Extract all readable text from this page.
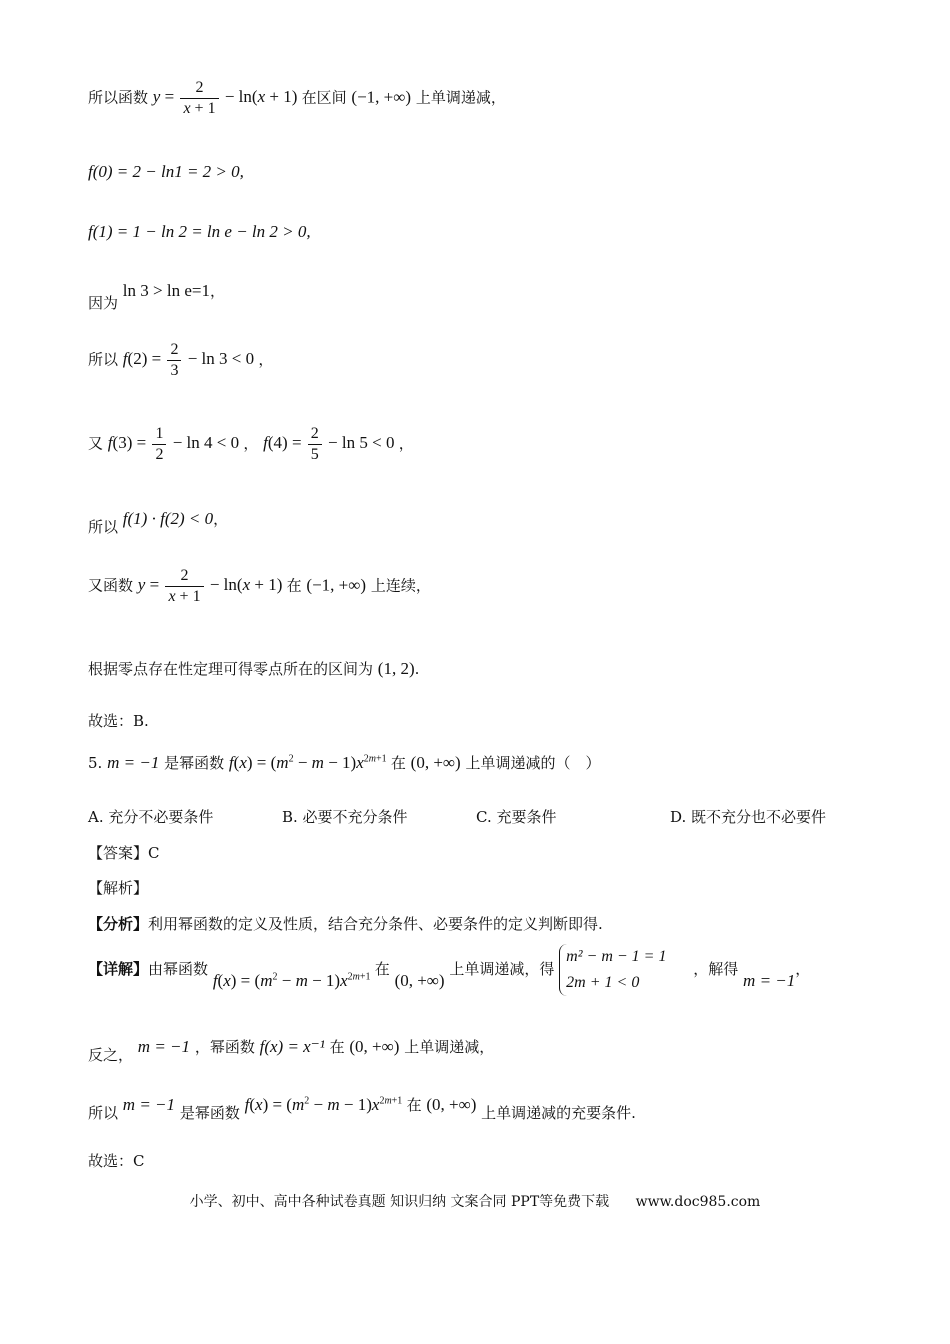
所以函数 $y = \frac{2}{x + 1} - \ln(x + 1)$ 在区间 (−1, +∞) 上单调递减，
f(0) = 2 − ln1 = 2 > 0,
f(1) = 1 − ln 2 = ln e − ln 2 > 0,
因为 ln 3 > ln e=1，
所以 $f(2) = \frac{2}{3} - \ln 3 < 0$ ，
又 $f(3) = \frac{1}{2} - \ln 4 < 0$ ， $f(4) = \frac{2}{5} - \ln 5 < 0$ ，
所以 f(1) · f(2) < 0，
又函数 $y = \frac{2}{x + 1} - \ln(x + 1)$ 在 (−1, +∞) 上连续，
根据零点存在性定理可得零点所在的区间为 (1, 2).
故选：B.
5. m = −1 是幂函数 $f(x) = (m^2 - m - 1)x^{2m+1}$ 在 (0, +∞) 上单调递减的（　）
A. 充分不必要条件	B. 必要不充分条件	C. 充要条件	D. 既不充分也不必要件
【答案】C
【解析】
【分析】利用幂函数的定义及性质，结合充分条件、必要条件的定义判断即得.
【详解】由幂函数 $f(x) = (m^2 - m - 1)x^{2m+1}$ 在 (0, +∞) 上单调递减，得
m² − m − 1 = 1
2m + 1 < 0
，解得 m = −1，
反之， m = −1 ，幂函数 f(x) = x⁻¹ 在 (0, +∞) 上单调递减，
所以 m = −1 是幂函数 $f(x) = (m^2 - m - 1)x^{2m+1}$ 在 (0, +∞) 上单调递减的充要条件.
故选：C
小学、初中、高中各种试卷真题 知识归纳 文案合同 PPT等免费下载 www.doc985.com
